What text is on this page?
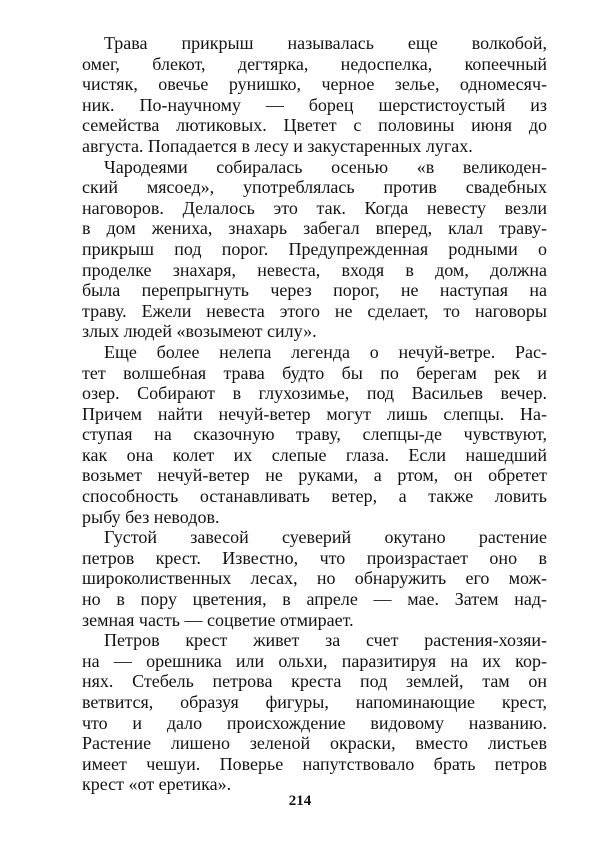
Трава прикрыш называлась еще волкобой,
омег, блекот, дегтярка, недоспелка, копеечный
чистяк, овечье рунишко, черное зелье, одномесяч-
ник. По-научному — борец шерстистоустый из
семейства лютиковых. Цветет с половины июня до
августа. Попадается в лесу и закустаренных лугах.
Чародеями собиралась осенью «в великоден-
ский мясоед», употреблялась против свадебных
наговоров. Делалось это так. Когда невесту везли
в дом жениха, знахарь забегал вперед, клал траву-
прикрыш под порог. Предупрежденная родными о
проделке знахаря, невеста, входя в дом, должна
была перепрыгнуть через порог, не наступая на
траву. Ежели невеста этого не сделает, то наговоры
злых людей «возымеют силу».
Еще более нелепа легенда о нечуй-ветре. Рас-
тет волшебная трава будто бы по берегам рек и
озер. Собирают в глухозимье, под Васильев вечер.
Причем найти нечуй-ветер могут лишь слепцы. На-
ступая на сказочную траву, слепцы-де чувствуют,
как она колет их слепые глаза. Если нашедший
возьмет нечуй-ветер не руками, а ртом, он обретет
способность останавливать ветер, а также ловить
рыбу без неводов.
Густой завесой суеверий окутано растение
петров крест. Известно, что произрастает оно в
широколиственных лесах, но обнаружить его мож-
но в пору цветения, в апреле — мае. Затем над-
земная часть — соцветие отмирает.
Петров крест живет за счет растения-хозяи-
на — орешника или ольхи, паразитируя на их кор-
нях. Стебель петрова креста под землей, там он
ветвится, образуя фигуры, напоминающие крест,
что и дало происхождение видовому названию.
Растение лишено зеленой окраски, вместо листьев
имеет чешуи. Поверье напутствовало брать петров
крест «от еретика».
214
